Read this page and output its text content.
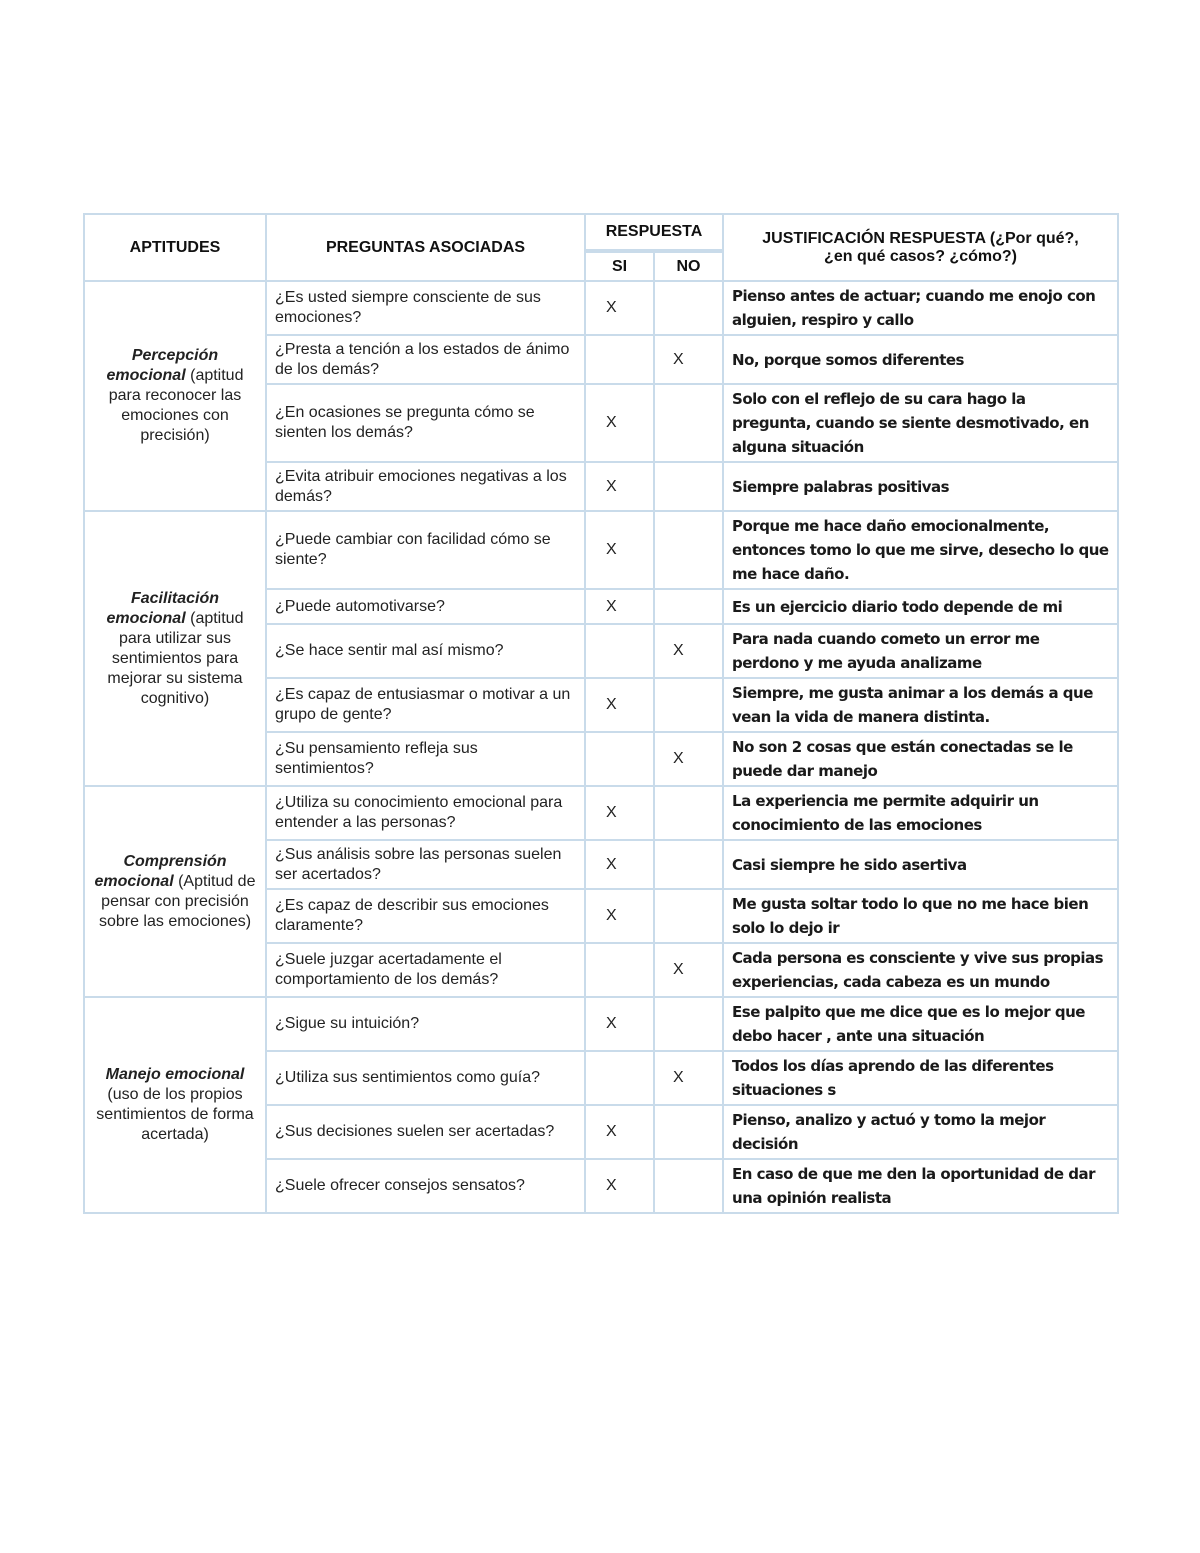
APTITUDES	PREGUNTAS ASOCIADAS	RESPUESTA		JUSTIFICACIÓN RESPUESTA (¿Por qué?,
¿en qué casos? ¿cómo?)
		SI	NO	
Percepción emocional (aptitud para reconocer las emociones con precisión)	¿Es usted siempre consciente de sus emociones?	X		Pienso antes de actuar; cuando me enojo con alguien, respiro y callo
	¿Presta a tención a los estados de ánimo de los demás?		X	No, porque somos diferentes
	¿En ocasiones se pregunta cómo se sienten los demás?	X		Solo con el reflejo de su cara hago la pregunta, cuando se siente desmotivado, en alguna situación
	¿Evita atribuir emociones negativas a los demás?	X		Siempre palabras positivas
Facilitación emocional (aptitud para utilizar sus sentimientos para mejorar su sistema cognitivo)	¿Puede cambiar con facilidad cómo se siente?	X		Porque me hace daño emocionalmente, entonces tomo lo que me sirve, desecho lo que me hace daño.
	¿Puede automotivarse?	X		Es un ejercicio diario todo depende de mi
	¿Se hace sentir mal así mismo?		X	Para nada cuando cometo un error me perdono y me ayuda analizame
	¿Es capaz de entusiasmar o motivar a un grupo de gente?	X		Siempre, me gusta animar a los demás a que vean la vida de manera distinta.
	¿Su pensamiento refleja sus sentimientos?		X	No son 2 cosas que están conectadas se le puede dar manejo
Comprensión emocional (Aptitud de pensar con precisión sobre las emociones)	¿Utiliza su conocimiento emocional para entender a las personas?	X		La experiencia me permite adquirir un conocimiento de las emociones
	¿Sus análisis sobre las personas suelen ser acertados?	X		Casi siempre he sido asertiva
	¿Es capaz de describir sus emociones claramente?	X		Me gusta soltar todo lo que no me hace bien solo lo dejo ir
	¿Suele juzgar acertadamente el comportamiento de los demás?		X	Cada persona es consciente y vive sus propias experiencias, cada cabeza es un mundo
Manejo emocional (uso de los propios sentimientos de forma acertada)	¿Sigue su intuición?	X		Ese palpito que me dice que es lo mejor que debo hacer , ante una situación
	¿Utiliza sus sentimientos como guía?		X	Todos los días aprendo de las diferentes situaciones s
	¿Sus decisiones suelen ser acertadas?	X		Pienso, analizo y actuó y tomo la mejor decisión
	¿Suele ofrecer consejos sensatos?	X		En caso de que me den la oportunidad de dar una opinión realista
